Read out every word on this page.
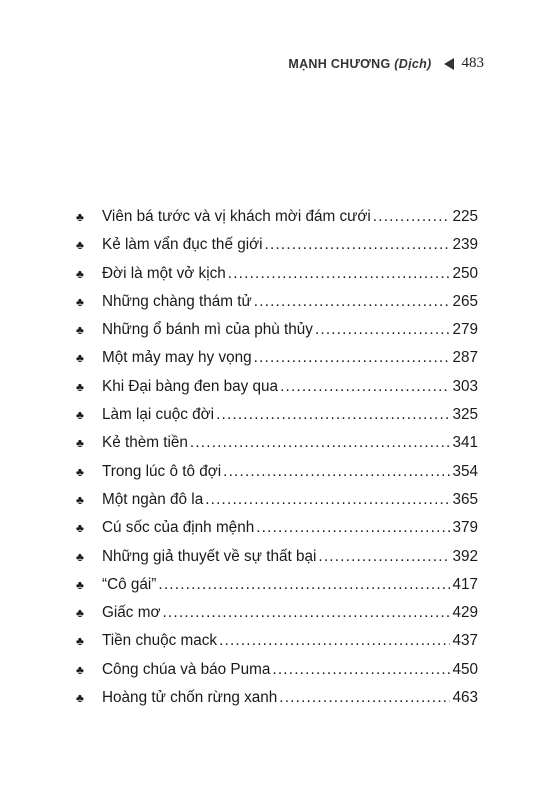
MẠNH CHƯƠNG (Dịch) 483
♣	Viên bá tước và vị khách mời đám cưới .....	225
♣	Kẻ làm vẩn đục thế giới .....	239
♣	Đời là một vở kịch .....	250
♣	Những chàng thám tử .....	265
♣	Những ổ bánh mì của phù thủy .....	279
♣	Một mảy may hy vọng .....	287
♣	Khi Đại bàng đen bay qua .....	303
♣	Làm lại cuộc đời .....	325
♣	Kẻ thèm tiền .....	341
♣	Trong lúc ô tô đợi .....	354
♣	Một ngàn đô la .....	365
♣	Cú sốc của định mệnh .....	379
♣	Những giả thuyết về sự thất bại .....	392
♣	“Cô gái” .....	417
♣	Giấc mơ .....	429
♣	Tiền chuộc mack .....	437
♣	Công chúa và báo Puma .....	450
♣	Hoàng tử chốn rừng xanh .....	463
